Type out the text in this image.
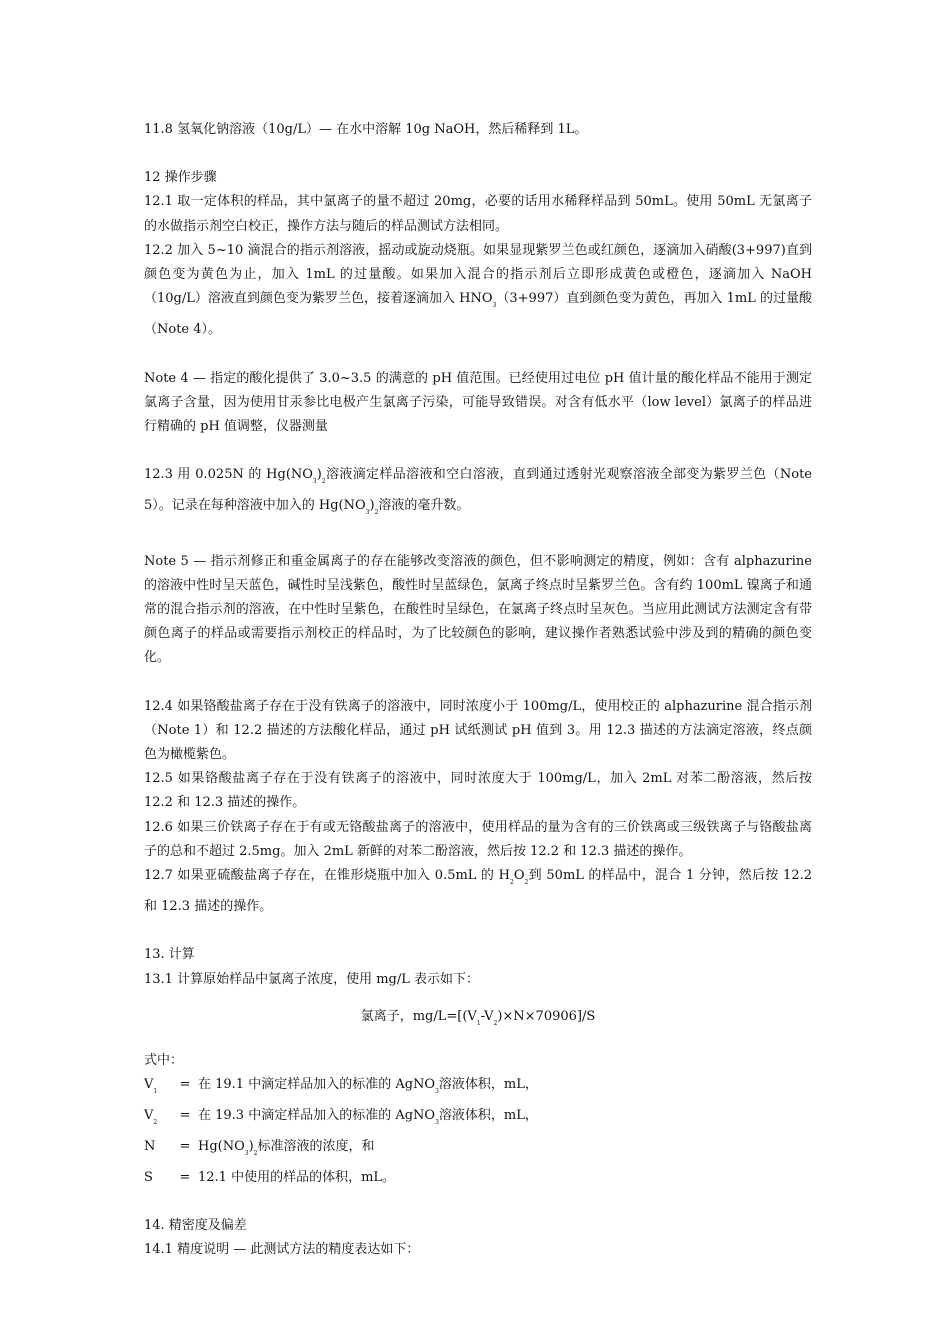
11.8 氢氧化钠溶液（10g/L）— 在水中溶解 10g NaOH，然后稀释到 1L。

12 操作步骤

12.1 取一定体积的样品，其中氯离子的量不超过 20mg，必要的话用水稀释样品到 50mL。使用 50mL 无氯离子的水做指示剂空白校正，操作方法与随后的样品测试方法相同。

12.2 加入 5~10 滴混合的指示剂溶液，摇动或旋动烧瓶。如果显现紫罗兰色或红颜色，逐滴加入硝酸(3+997)直到颜色变为黄色为止，加入 1mL 的过量酸。如果加入混合的指示剂后立即形成黄色或橙色，逐滴加入 NaOH（10g/L）溶液直到颜色变为紫罗兰色，接着逐滴加入 $HNO_3(3+997)$直到颜色变为黄色，再加入 1mL 的过量酸（Note 4）。

Note 4 — 指定的酸化提供了 3.0~3.5 的满意的 pH 值范围。已经使用过电位 pH 值计量的酸化样品不能用于测定氯离子含量，因为使用甘汞参比电极产生氯离子污染，可能导致错误。对含有低水平（low level）氯离子的样品进行精确的 pH 值调整，仪器测量

12.3 用 0.025N 的 $Hg(NO_3)_2$溶液滴定样品溶液和空白溶液，直到通过透射光观察溶液全部变为紫罗兰色（Note 5）。记录在每种溶液中加入的 $Hg(NO_3)_2$溶液的毫升数。

Note 5 — 指示剂修正和重金属离子的存在能够改变溶液的颜色，但不影响测定的精度，例如：含有 alphazurine 的溶液中性时呈天蓝色，碱性时呈浅紫色，酸性时呈蓝绿色，氯离子终点时呈紫罗兰色。含有约 100mL 镍离子和通常的混合指示剂的溶液，在中性时呈紫色，在酸性时呈绿色，在氯离子终点时呈灰色。当应用此测试方法测定含有带颜色离子的样品或需要指示剂校正的样品时，为了比较颜色的影响，建议操作者熟悉试验中涉及到的精确的颜色变化。

12.4 如果铬酸盐离子存在于没有铁离子的溶液中，同时浓度小于 100mg/L，使用校正的 alphazurine 混合指示剂（Note 1）和 12.2 描述的方法酸化样品，通过 pH 试纸测试 pH 值到 3。用 12.3 描述的方法滴定溶液，终点颜色为橄榄紫色。

12.5 如果铬酸盐离子存在于没有铁离子的溶液中，同时浓度大于 100mg/L，加入 2mL 对苯二酚溶液，然后按 12.2 和 12.3 描述的操作。

12.6 如果三价铁离子存在于有或无铬酸盐离子的溶液中，使用样品的量为含有的三价铁离或三级铁离子与铬酸盐离子的总和不超过 2.5mg。加入 2mL 新鲜的对苯二酚溶液，然后按 12.2 和 12.3 描述的操作。

12.7 如果亚硫酸盐离子存在，在锥形烧瓶中加入 0.5mL 的 $H_2O_2$到 50mL 的样品中，混合 1 分钟，然后按 12.2 和 12.3 描述的操作。

13. 计算

13.1 计算原始样品中氯离子浓度，使用 mg/L 表示如下：

氯离子，$mg/L=[(V_1-V_2)\times N\times 70906]/S$

式中：

$V_1$	= 在 19.1 中滴定样品加入的标准的 AgNO$_3$溶液体积，mL，
$V_2$	= 在 19.3 中滴定样品加入的标准的 AgNO$_3$溶液体积，mL，
N	= $Hg(NO_3)_2$标准溶液的浓度，和
S	= 12.1 中使用的样品的体积，mL。

14. 精密度及偏差

14.1 精度说明 — 此测试方法的精度表达如下：
